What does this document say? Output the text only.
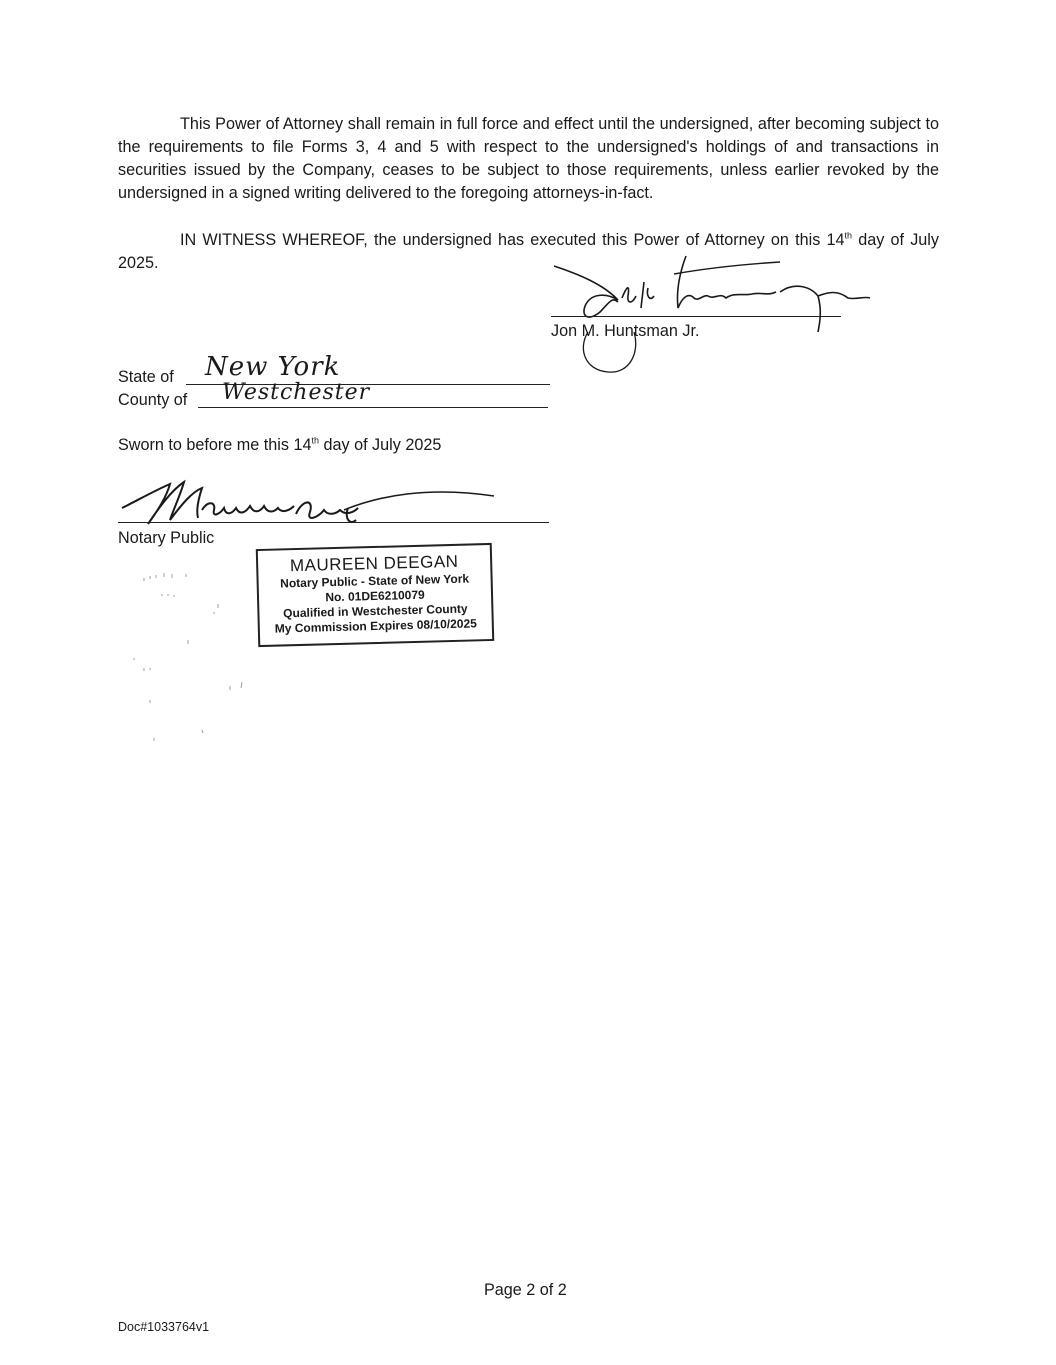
This Power of Attorney shall remain in full force and effect until the undersigned, after becoming subject to the requirements to file Forms 3, 4 and 5 with respect to the undersigned's holdings of and transactions in securities issued by the Company, ceases to be subject to those requirements, unless earlier revoked by the undersigned in a signed writing delivered to the foregoing attorneys-in-fact.

IN WITNESS WHEREOF, the undersigned has executed this Power of Attorney on this 14th day of July 2025.

Jon M. Huntsman Jr.
State of New York
County of Westchester
Sworn to before me this 14th day of July 2025
Notary Public
MAUREEN DEEGAN
Notary Public - State of New York
No. 01DE6210079
Qualified in Westchester County
My Commission Expires 08/10/2025
Page 2 of 2
Doc#1033764v1
